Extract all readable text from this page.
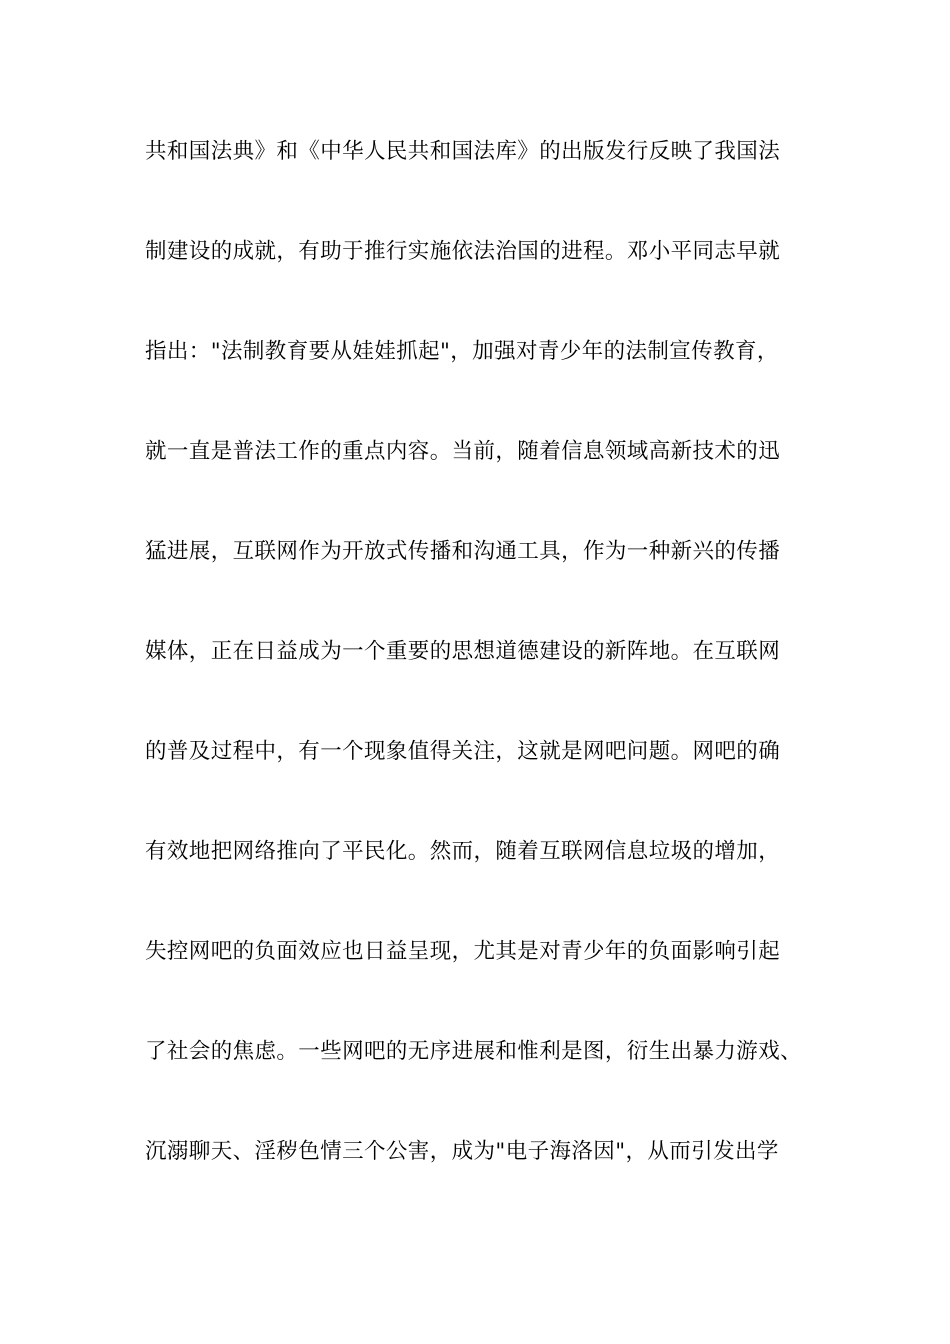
共和国法典》和《中华人民共和国法库》的出版发行反映了我国法
制建设的成就，有助于推行实施依法治国的进程。邓小平同志早就
指出："法制教育要从娃娃抓起"，加强对青少年的法制宣传教育，
就一直是普法工作的重点内容。当前，随着信息领域高新技术的迅
猛进展，互联网作为开放式传播和沟通工具，作为一种新兴的传播
媒体，正在日益成为一个重要的思想道德建设的新阵地。在互联网
的普及过程中，有一个现象值得关注，这就是网吧问题。网吧的确
有效地把网络推向了平民化。然而，随着互联网信息垃圾的增加，
失控网吧的负面效应也日益呈现，尤其是对青少年的负面影响引起
了社会的焦虑。一些网吧的无序进展和惟利是图，衍生出暴力游戏、
沉溺聊天、淫秽色情三个公害，成为"电子海洛因"，从而引发出学
